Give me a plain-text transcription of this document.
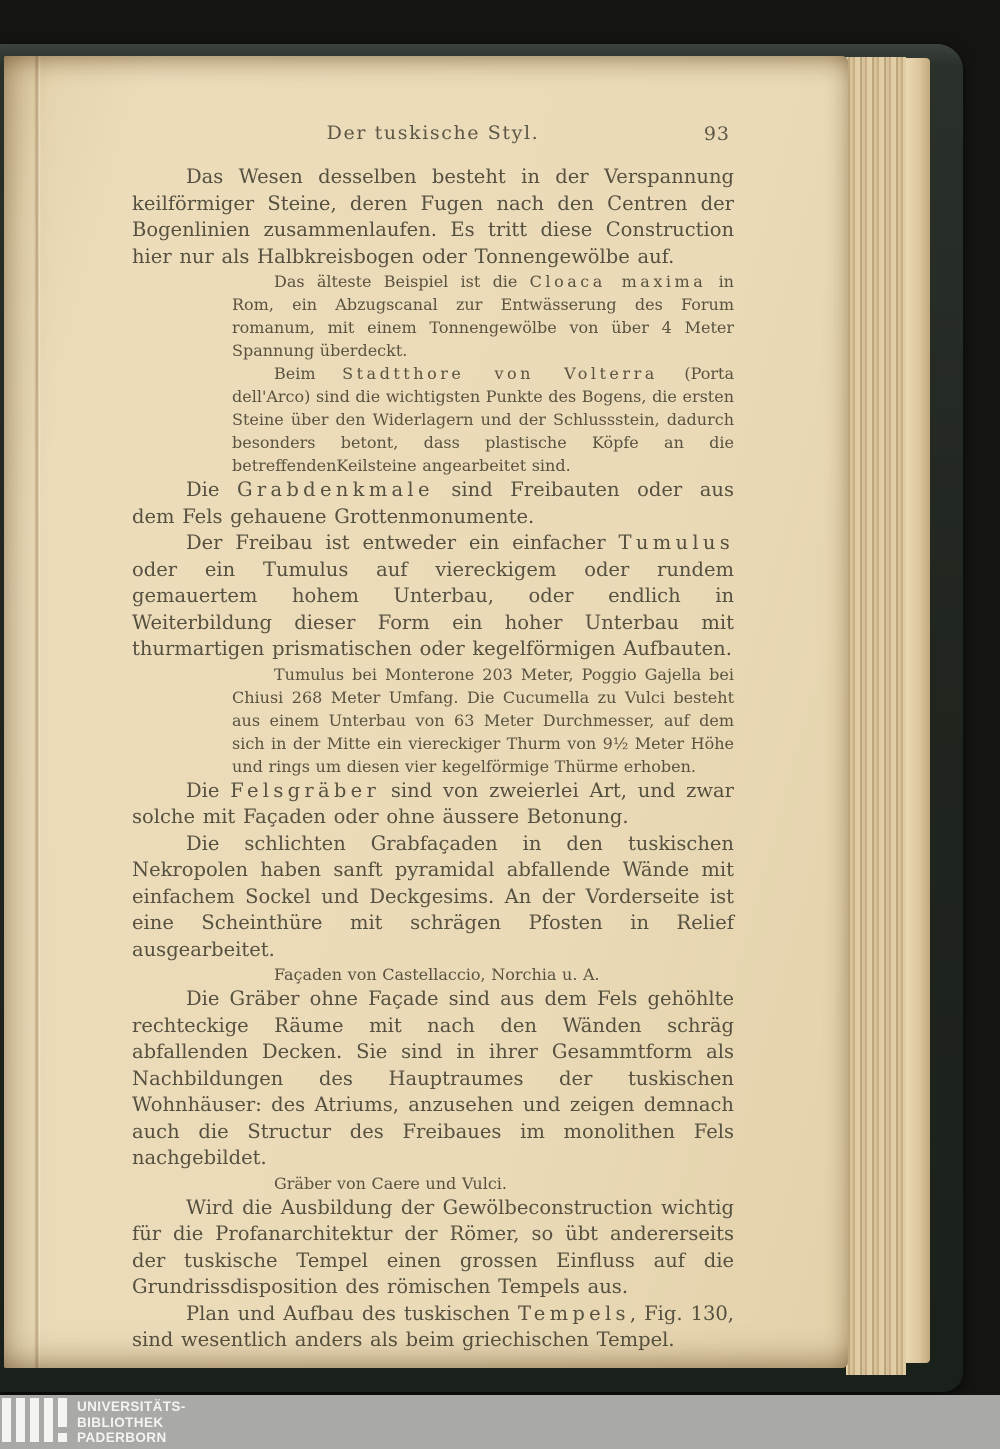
Der tuskische Styl.	93

Das Wesen desselben besteht in der Verspannung keilförmiger Steine, deren Fugen nach den Centren der Bogenlinien zusammenlaufen. Es tritt diese Construction hier nur als Halbkreisbogen oder Tonnengewölbe auf.

Das älteste Beispiel ist die Cloaca maxima in Rom, ein Abzugscanal zur Entwässerung des Forum romanum, mit einem Tonnengewölbe von über 4 Meter Spannung überdeckt.

Beim Stadtthore von Volterra (Porta dell'Arco) sind die wichtigsten Punkte des Bogens, die ersten Steine über den Widerlagern und der Schlussstein, dadurch besonders betont, dass plastische Köpfe an die betreffendenKeilsteine angearbeitet sind.

Die Grabdenkmale sind Freibauten oder aus dem Fels gehauene Grottenmonumente.

Der Freibau ist entweder ein einfacher Tumulus oder ein Tumulus auf viereckigem oder rundem gemauertem hohem Unterbau, oder endlich in Weiterbildung dieser Form ein hoher Unterbau mit thurmartigen prismatischen oder kegelförmigen Aufbauten.

Tumulus bei Monterone 203 Meter, Poggio Gajella bei Chiusi 268 Meter Umfang. Die Cucumella zu Vulci besteht aus einem Unterbau von 63 Meter Durchmesser, auf dem sich in der Mitte ein viereckiger Thurm von 9½ Meter Höhe und rings um diesen vier kegelförmige Thürme erhoben.

Die Felsgräber sind von zweierlei Art, und zwar solche mit Façaden oder ohne äussere Betonung.

Die schlichten Grabfaçaden in den tuskischen Nekropolen haben sanft pyramidal abfallende Wände mit einfachem Sockel und Deckgesims. An der Vorderseite ist eine Scheinthüre mit schrägen Pfosten in Relief ausgearbeitet.

Façaden von Castellaccio, Norchia u. A.

Die Gräber ohne Façade sind aus dem Fels gehöhlte rechteckige Räume mit nach den Wänden schräg abfallenden Decken. Sie sind in ihrer Gesammtform als Nachbildungen des Hauptraumes der tuskischen Wohnhäuser: des Atriums, anzusehen und zeigen demnach auch die Structur des Freibaues im monolithen Fels nachgebildet.

Gräber von Caere und Vulci.

Wird die Ausbildung der Gewölbeconstruction wichtig für die Profanarchitektur der Römer, so übt andererseits der tuskische Tempel einen grossen Einfluss auf die Grundrissdisposition des römischen Tempels aus.

Plan und Aufbau des tuskischen Tempels, Fig. 130, sind wesentlich anders als beim griechischen Tempel.

UNIVERSITÄTS-
BIBLIOTHEK
PADERBORN
